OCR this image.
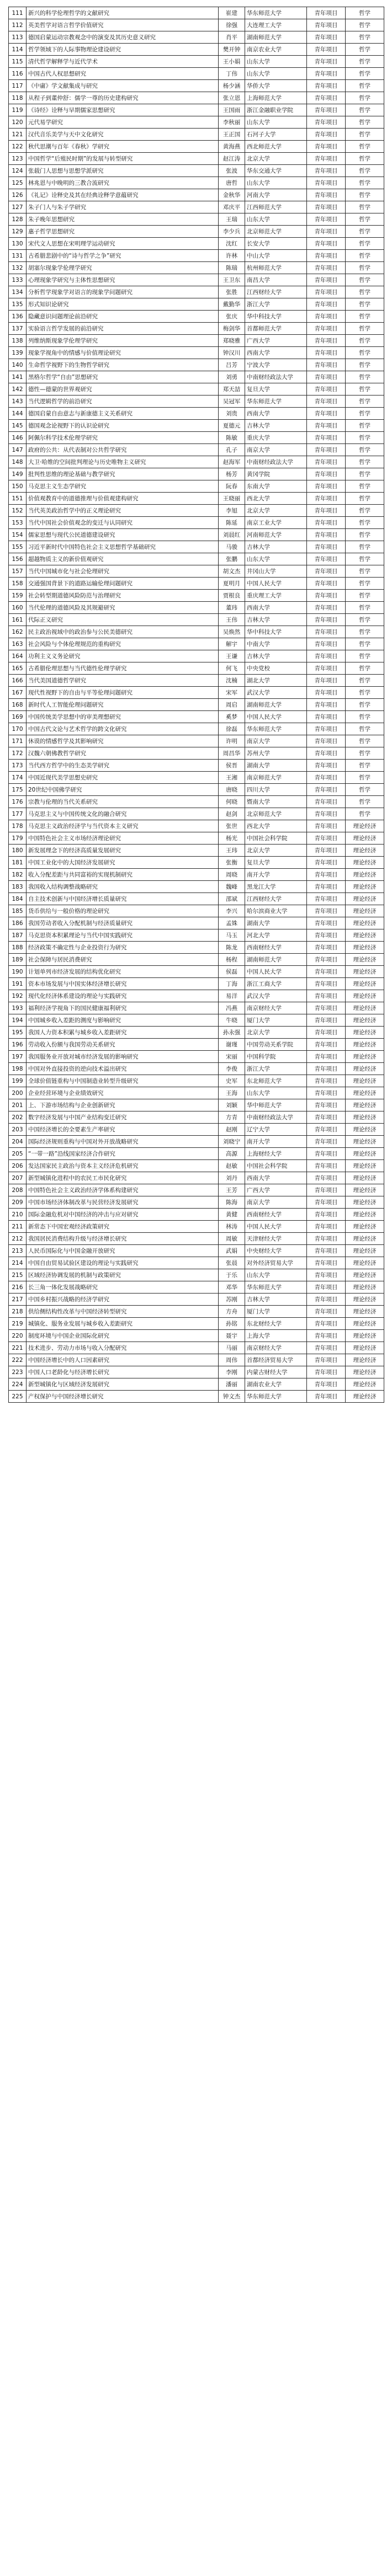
111	新兴的科学伦理哲学的文献研究	崔建	华东师范大学	青年项目	哲学
112	英美哲学对语言哲学价值研究	徐强	大连理工大学	青年项目	哲学
113	德国启蒙运动宗教观念中的演变及其历史意义研究	肖平	湖南师范大学	青年项目	哲学
114	哲学领域下的人际事物理论建设研究	樊开钟	南京农业大学	青年项目	哲学
115	清代哲学解释学与近代学术	王小娟	山东大学	青年项目	哲学
116	中国古代人权思想研究	丁伟	山东大学	青年项目	哲学
117	《中庸》学文献集成与研究	杨少涵	华侨大学	青年项目	哲学
118	从程子到董仲舒：儒学一尊的历史建构研究	张立恩	上海师范大学	青年项目	哲学
119	《诗经》诠释与早期儒家思想研究	王国雨	浙江金融职业学院	青年项目	哲学
120	元代易学研究	李秋丽	山东大学	青年项目	哲学
121	汉代音乐美学与天中文化研究	王正国	石河子大学	青年项目	哲学
122	秋代思潮与百年《春秋》学研究	黄海燕	西北师范大学	青年项目	哲学
123	中国哲学“后殖民时期”的发展与转型研究	赵江涛	北京大学	青年项目	哲学
124	张载门人思想与思想学派研究	张波	华东交通大学	青年项目	哲学
125	林兆恩与中晚明的三教合流研究	唐哲	山东大学	青年项目	哲学
126	《礼记》诠释史及其在经典诠释学意蕴研究	金秋华	河南大学	青年项目	哲学
127	朱子门人与朱子学研究	邓庆平	江西师范大学	青年项目	哲学
128	朱子晚年思想研究	王瑞	山东大学	青年项目	哲学
129	惠子哲学思想研究	李少兵	北京师范大学	青年项目	哲学
130	宋代文人思想在宋明理学运动研究	沈红	长安大学	青年项目	哲学
131	古希腊悲剧中的“诗与哲学之争”研究	许林	中山大学	青年项目	哲学
132	胡塞尔现象学伦理学研究	陈瑞	杭州师范大学	青年项目	哲学
133	心理现象学研究与主体性思想研究	王卫东	南昌大学	青年项目	哲学
134	分析哲学现象学对语言的现象学问题研究	张胜	江西财经大学	青年项目	哲学
135	形式知识论研究	戴勤华	浙江大学	青年项目	哲学
136	隐藏意识问题理论前沿研究	张庆	华中科技大学	青年项目	哲学
137	实验语言哲学发展的前沿研究	梅剑华	首都师范大学	青年项目	哲学
138	列维纳斯现象学伦理学研究	郑晓雅	广西大学	青年项目	哲学
139	现象学视角中的情感与价值理论研究	钟汉川	西南大学	青年项目	哲学
140	生命哲学视野下的生物哲学研究	吕芳	宁波大学	青年项目	哲学
141	黑格尔哲学“自由”思想研究	刘勇	中南财经政法大学	青年项目	哲学
142	德性—德蒙的世界观研究	郑天喆	复旦大学	青年项目	哲学
143	当代逻辑哲学的前沿研究	吴冠军	华东师范大学	青年项目	哲学
144	德国启蒙自由意志与新康德主义关系研究	刘贵	西南大学	青年项目	哲学
145	德国观念论视野下的认识论研究	夏德元	吉林大学	青年项目	哲学
146	阿佩尔科学技术伦理学研究	陈敏	重庆大学	青年项目	哲学
147	政府的公共：从代表制对公共哲学研究	孔子	南京大学	青年项目	哲学
148	大卫·哈维的空间批判理论与历史唯物主义研究	赵海军	中南财经政法大学	青年项目	哲学
149	批判性思维的理论基础与教学研究	杨芳	黄冈学院	青年项目	哲学
150	马克思主义生态学研究	阮春	东南大学	青年项目	哲学
151	价值观教育中的道德推理与价值观建构研究	王晓丽	西北大学	青年项目	哲学
152	当代英美政治哲学中的正义理论研究	李旭	北京大学	青年项目	哲学
153	当代中国社会价值观念的变迁与认同研究	陈延	南京工业大学	青年项目	哲学
154	儒家思想与现代公民道德建设研究	刘晨红	河南师范大学	青年项目	哲学
155	习近平新时代中国特色社会主义思想哲学基础研究	马骏	吉林大学	青年项目	哲学
156	超越物质主义的新价值观研究	张鹏	山东大学	青年项目	哲学
157	当代中国城市化与社会伦理研究	胡文杰	井冈山大学	青年项目	哲学
158	交通强国背景下的道路运输伦理问题研究	夏明月	中国人民大学	青年项目	哲学
159	社会转型期道德风险防范与治理研究	贾根良	重庆理工大学	青年项目	哲学
160	当代伦理的道德风险及其规避研究	董玮	西南大学	青年项目	哲学
161	代际正义研究	王伟	吉林大学	青年项目	哲学
162	民主政治视域中的政治参与公民美德研究	吴焕然	华中科技大学	青年项目	哲学
163	社会风险与个体伦理规范的重构研究	解宇	中南大学	青年项目	哲学
164	功利主义义务论研究	王谦	吉林大学	青年项目	哲学
165	古希腊伦理思想与当代德性伦理学研究	何飞	中央党校	青年项目	哲学
166	当代美国道德哲学研究	沈楠	湖北大学	青年项目	哲学
167	现代性视野下的自由与平等伦理问题研究	宋军	武汉大学	青年项目	哲学
168	新时代人工智能伦理问题研究	周启	湖南师范大学	青年项目	哲学
169	中国传统美学思想中的审美理想研究	奚梦	中国人民大学	青年项目	哲学
170	中国古代文论与艺术哲学的跨文化研究	徐磊	华东师范大学	青年项目	哲学
171	休谟的情感哲学及其影响研究	许明	南京大学	青年项目	哲学
172	汉魏六朝佛教哲学研究	周昌华	苏州大学	青年项目	哲学
173	当代西方哲学中的生态美学研究	侯晋	湖南大学	青年项目	哲学
174	中国近现代美学思想史研究	王湘	南京师范大学	青年项目	哲学
175	20世纪中国佛学研究	唐晓	四川大学	青年项目	哲学
176	宗教与伦理的当代关系研究	何晓	暨南大学	青年项目	哲学
177	马克思主义与中国传统文化的融合研究	赵剑	北京师范大学	青年项目	哲学
178	马克思主义政治经济学与当代资本主义研究	张世	西北大学	青年项目	理论经济
179	中国特色社会主义市场经济理论研究	杨光	中国社会科学院	青年项目	理论经济
180	新发展理念下的经济高质量发展研究	王玮	北京大学	青年项目	理论经济
181	中国工业化中的大国经济发展研究	张衡	复旦大学	青年项目	理论经济
182	收入分配差距与共同富裕的实现机制研究	周晓	南开大学	青年项目	理论经济
183	我国收入结构调整战略研究	魏峰	黑龙江大学	青年项目	理论经济
184	自主技术创新与中国经济增长质量研究	邵斌	江西财经大学	青年项目	理论经济
185	货币供给与一般价格的理论研究	李兴	哈尔滨商业大学	青年项目	理论经济
186	我国劳动者收入分配机制与经济质量研究	孟姝	湖南大学	青年项目	理论经济
187	马克思资本积累理论与当代中国实践研究	马玉	河北大学	青年项目	理论经济
188	经济政策不确定性与企业投资行为研究	陈龙	西南财经大学	青年项目	理论经济
189	社会保障与居民消费研究	杨程	湖南师范大学	青年项目	理论经济
190	计划单列市经济发展的结构优化研究	侯磊	中国人民大学	青年项目	理论经济
191	资本市场发展与中国实体经济增长研究	丁海	浙江工商大学	青年项目	理论经济
192	现代化经济体系建设的理论与实践研究	易洋	武汉大学	青年项目	理论经济
193	福利经济学视角下的国民健康福利研究	冯燕	南京财经大学	青年项目	理论经济
194	中国城乡收入差距的测度与影响研究	牛晓	厦门大学	青年项目	理论经济
195	我国人力资本积累与城乡收入差距研究	孙永强	北京大学	青年项目	理论经济
196	劳动收入份额与我国劳动关系研究	谢瑾	中国劳动关系学院	青年项目	理论经济
197	我国服务业开放对城市经济发展的影响研究	宋丽	中国科学院	青年项目	理论经济
198	中国对外直接投资的逆向技术溢出研究	李俊	浙江大学	青年项目	理论经济
199	全球价值链重构与中国制造业转型升级研究	史军	东北师范大学	青年项目	理论经济
200	企业经营环境与企业绩效研究	王海	山东大学	青年项目	理论经济
201	上、下游市场结构与企业创新研究	刘颖	华中师范大学	青年项目	理论经济
202	数字经济发展与中国产业结构变迁研究	方青	中南财经政法大学	青年项目	理论经济
203	中国经济增长的全要素生产率研究	赵刚	辽宁大学	青年项目	理论经济
204	国际经济规则重构与中国对外开放战略研究	刘晓宁	南开大学	青年项目	理论经济
205	“一带一路”沿线国家经济合作研究	高源	上海财经大学	青年项目	理论经济
206	发达国家民主政治与资本主义经济危机研究	赵敏	中国社会科学院	青年项目	理论经济
207	新型城镇化进程中的农民工市民化研究	刘丹	西南大学	青年项目	理论经济
208	中国特色社会主义政治经济学体系构建研究	王芳	广西大学	青年项目	理论经济
209	中国市场经济体制改革与民营经济发展研究	陈海	南京大学	青年项目	理论经济
210	国际金融危机对中国经济的冲击与应对研究	黄健	西南财经大学	青年项目	理论经济
211	新常态下中国宏观经济政策研究	林涛	中国人民大学	青年项目	理论经济
212	我国居民消费结构升级与经济增长研究	周敏	天津财经大学	青年项目	理论经济
213	人民币国际化与中国金融开放研究	武娟	中央财经大学	青年项目	理论经济
214	中国自由贸易试验区建设的理论与实践研究	张晨	对外经济贸易大学	青年项目	理论经济
215	区域经济协调发展的机制与政策研究	于乐	山东大学	青年项目	理论经济
216	长三角一体化发展战略研究	邓华	华东师范大学	青年项目	理论经济
217	中国乡村振兴战略的经济学研究	苏刚	吉林大学	青年项目	理论经济
218	供给侧结构性改革与中国经济转型研究	方舟	厦门大学	青年项目	理论经济
219	城镇化、服务业发展与城乡收入差距研究	孙铭	东北财经大学	青年项目	理论经济
220	制度环境与中国企业国际化研究	聂宇	上海大学	青年项目	理论经济
221	技术进步、劳动力市场与收入分配研究	马丽	南京财经大学	青年项目	理论经济
222	中国经济增长中的人口因素研究	周伟	首都经济贸易大学	青年项目	理论经济
223	中国人口老龄化与经济增长研究	李刚	内蒙古财经大学	青年项目	理论经济
224	新型城镇化与区域经济发展研究	潘丽	湖南农业大学	青年项目	理论经济
225	产权保护与中国经济增长研究	钟文杰	华东师范大学	青年项目	理论经济
